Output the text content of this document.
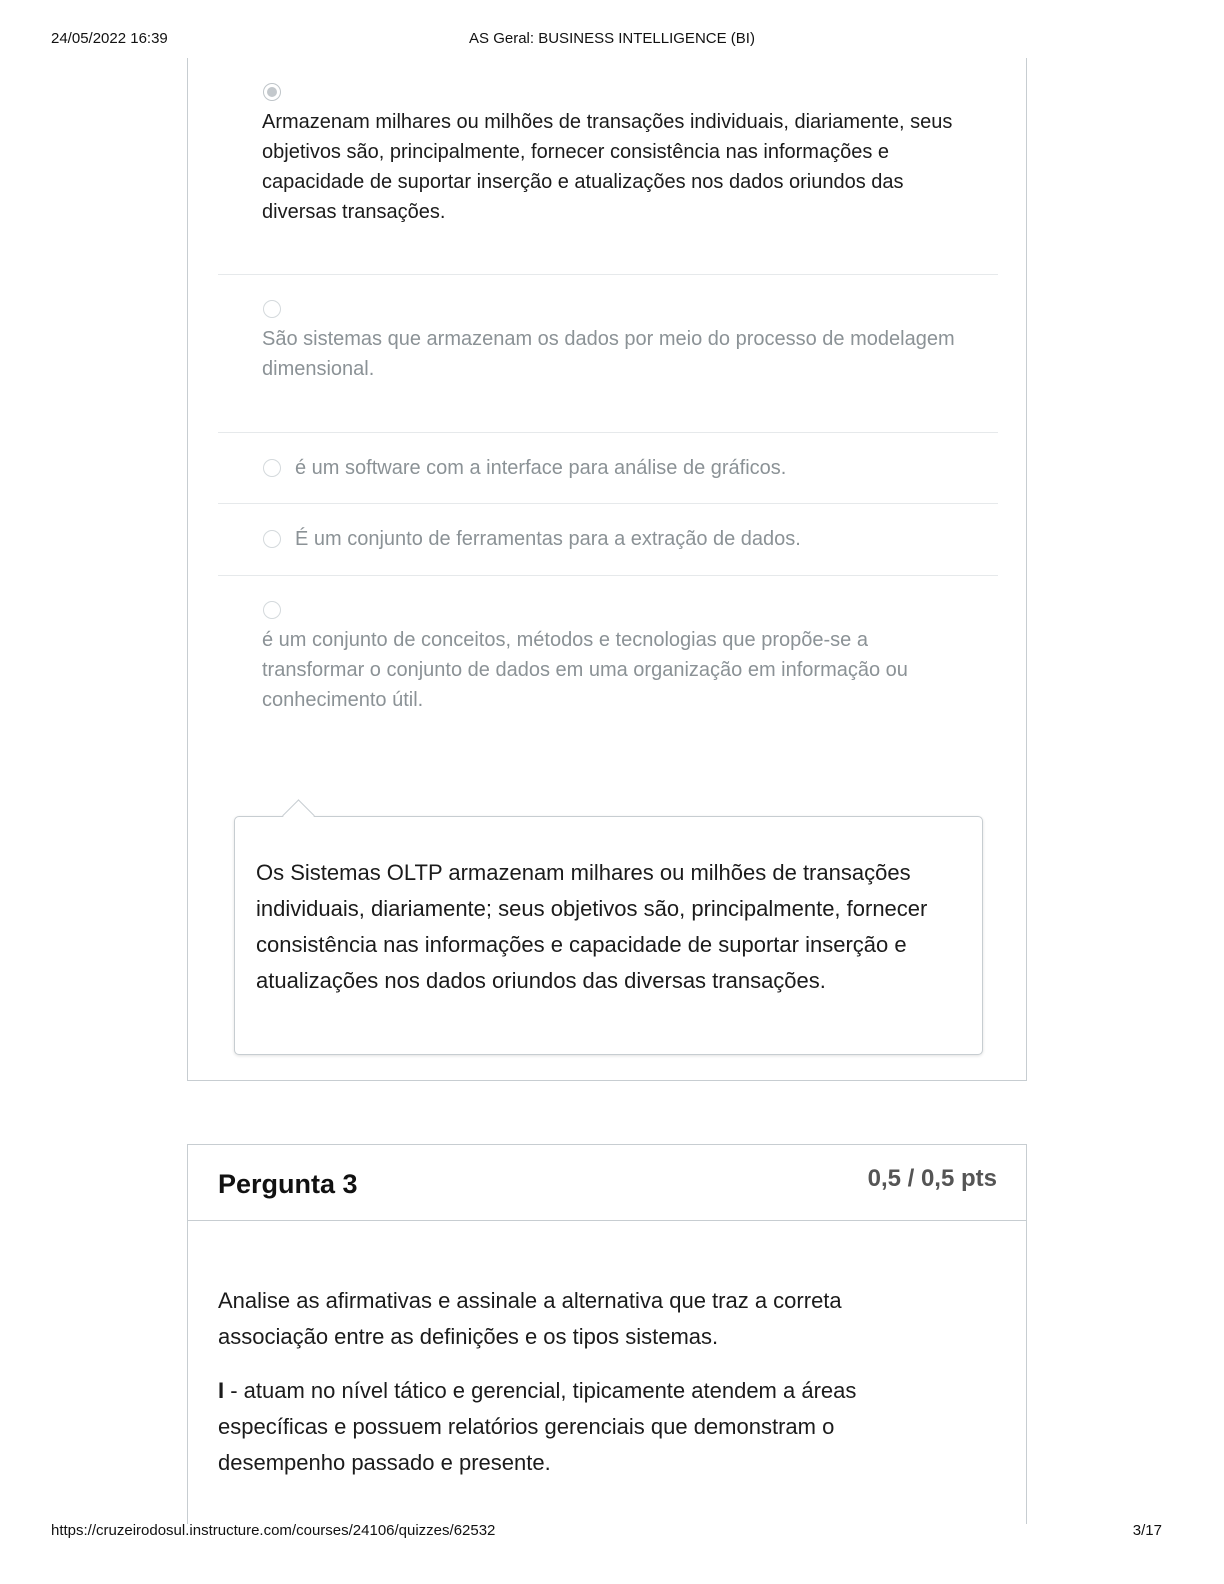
24/05/2022 16:39	AS Geral: BUSINESS INTELLIGENCE (BI)
Armazenam milhares ou milhões de transações individuais, diariamente, seus objetivos são, principalmente, fornecer consistência nas informações e capacidade de suportar inserção e atualizações nos dados oriundos das diversas transações.
São sistemas que armazenam os dados por meio do processo de modelagem dimensional.
é um software com a interface para análise de gráficos.
É um conjunto de ferramentas para a extração de dados.
é um conjunto de conceitos, métodos e tecnologias que propõe-se a transformar o conjunto de dados em uma organização em informação ou conhecimento útil.
Os Sistemas OLTP armazenam milhares ou milhões de transações individuais, diariamente; seus objetivos são, principalmente, fornecer consistência nas informações e capacidade de suportar inserção e atualizações nos dados oriundos das diversas transações.
Pergunta 3	0,5 / 0,5 pts

Analise as afirmativas e assinale a alternativa que traz a correta associação entre as definições e os tipos sistemas.

I - atuam no nível tático e gerencial, tipicamente atendem a áreas específicas e possuem relatórios gerenciais que demonstram o desempenho passado e presente.

https://cruzeirodosul.instructure.com/courses/24106/quizzes/62532	3/17
